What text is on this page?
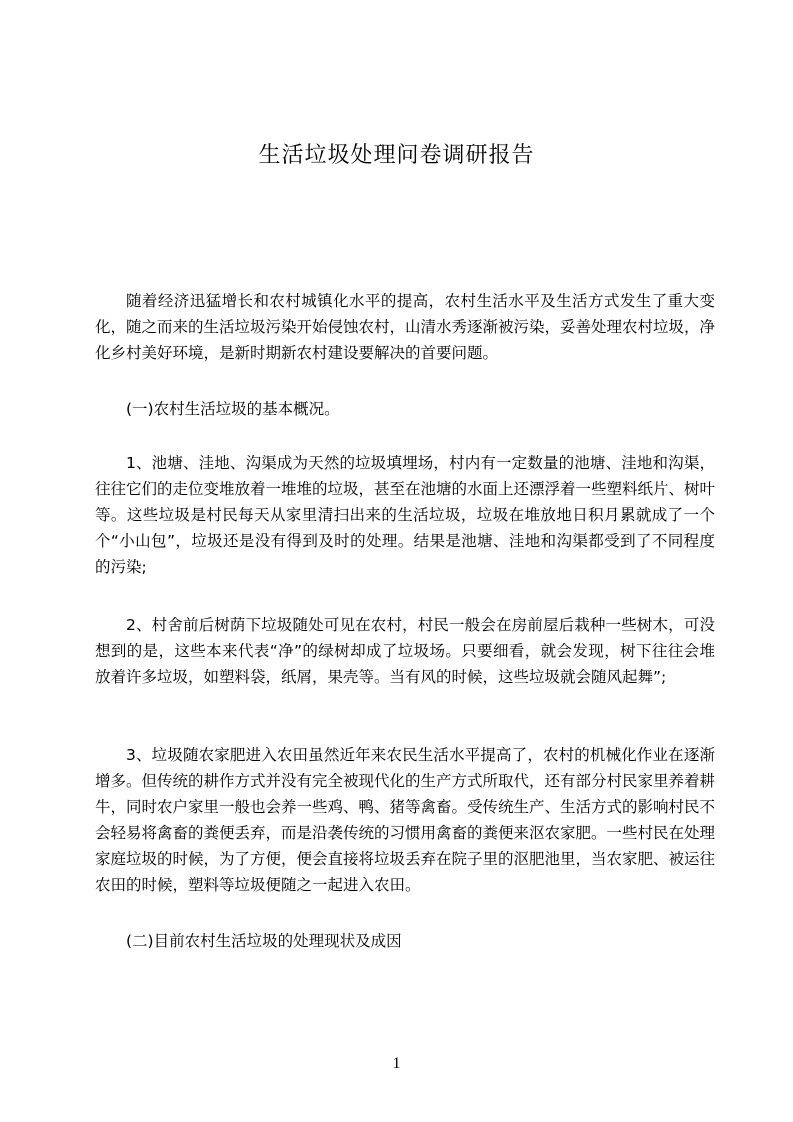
生活垃圾处理问卷调研报告

随着经济迅猛增长和农村城镇化水平的提高，农村生活水平及生活方式发生了重大变化，随之而来的生活垃圾污染开始侵蚀农村，山清水秀逐渐被污染，妥善处理农村垃圾，净化乡村美好环境，是新时期新农村建设要解决的首要问题。

(一)农村生活垃圾的基本概况。

1、池塘、洼地、沟渠成为天然的垃圾填埋场，村内有一定数量的池塘、洼地和沟渠，往往它们的走位变堆放着一堆堆的垃圾，甚至在池塘的水面上还漂浮着一些塑料纸片、树叶等。这些垃圾是村民每天从家里清扫出来的生活垃圾，垃圾在堆放地日积月累就成了一个个“小山包”，垃圾还是没有得到及时的处理。结果是池塘、洼地和沟渠都受到了不同程度的污染;

2、村舍前后树荫下垃圾随处可见在农村，村民一般会在房前屋后栽种一些树木，可没想到的是，这些本来代表“净”的绿树却成了垃圾场。只要细看，就会发现，树下往往会堆放着许多垃圾，如塑料袋，纸屑，果壳等。当有风的时候，这些垃圾就会随风起舞”;

3、垃圾随农家肥进入农田虽然近年来农民生活水平提高了，农村的机械化作业在逐渐增多。但传统的耕作方式并没有完全被现代化的生产方式所取代，还有部分村民家里养着耕牛，同时农户家里一般也会养一些鸡、鸭、猪等禽畜。受传统生产、生活方式的影响村民不会轻易将禽畜的粪便丢弃，而是沿袭传统的习惯用禽畜的粪便来沤农家肥。一些村民在处理家庭垃圾的时候，为了方便，便会直接将垃圾丢弃在院子里的沤肥池里，当农家肥、被运往农田的时候，塑料等垃圾便随之一起进入农田。

(二)目前农村生活垃圾的处理现状及成因

1
